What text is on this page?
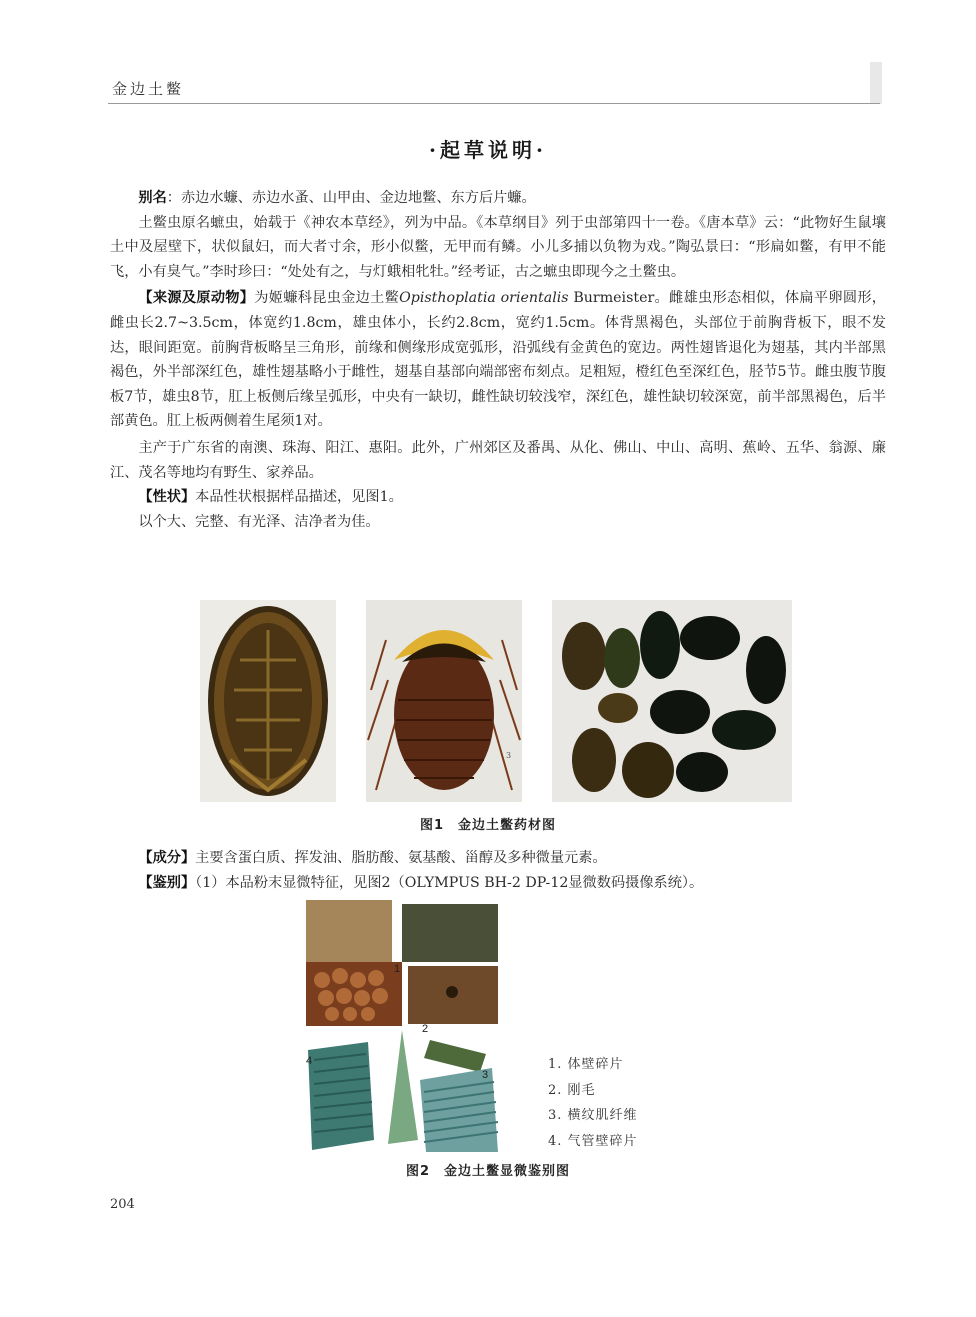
金边土鳖
·起草说明·

别名：赤边水蠊、赤边水蚤、山甲由、金边地鳖、东方后片蠊。

土鳖虫原名蟅虫，始载于《神农本草经》，列为中品。《本草纲目》列于虫部第四十一卷。《唐本草》云：“此物好生鼠壤土中及屋壁下，状似鼠妇，而大者寸余，形小似鳖，无甲而有鳞。小儿多捕以负物为戏。”陶弘景曰：“形扁如鳖，有甲不能飞，小有臭气。”李时珍曰：“处处有之，与灯蛾相牝牡。”经考证，古之蟅虫即现今之土鳖虫。

【来源及原动物】为姬蠊科昆虫金边土鳖Opisthoplatia orientalis Burmeister。雌雄虫形态相似，体扁平卵圆形，雌虫长2.7~3.5cm，体宽约1.8cm，雄虫体小，长约2.8cm，宽约1.5cm。体背黑褐色，头部位于前胸背板下，眼不发达，眼间距宽。前胸背板略呈三角形，前缘和侧缘形成宽弧形，沿弧线有金黄色的宽边。两性翅皆退化为翅基，其内半部黑褐色，外半部深红色，雄性翅基略小于雌性，翅基自基部向端部密布刻点。足粗短，橙红色至深红色，胫节5节。雌虫腹节腹板7节，雄虫8节，肛上板侧后缘呈弧形，中央有一缺切，雌性缺切较浅窄，深红色，雄性缺切较深宽，前半部黑褐色，后半部黄色。肛上板两侧着生尾须1对。

主产于广东省的南澳、珠海、阳江、惠阳。此外，广州郊区及番禺、从化、佛山、中山、高明、蕉岭、五华、翁源、廉江、茂名等地均有野生、家养品。

【性状】本品性状根据样品描述，见图1。

以个大、完整、有光泽、洁净者为佳。

3
图1　金边土鳖药材图

【成分】主要含蛋白质、挥发油、脂肪酸、氨基酸、甾醇及多种微量元素。

【鉴别】（1）本品粉末显微特征，见图2（OLYMPUS BH-2 DP-12显微数码摄像系统）。

1
2
3
4	1. 体壁碎片
2. 刚毛
3. 横纹肌纤维
4. 气管壁碎片
图2　金边土鳖显微鉴别图
204
